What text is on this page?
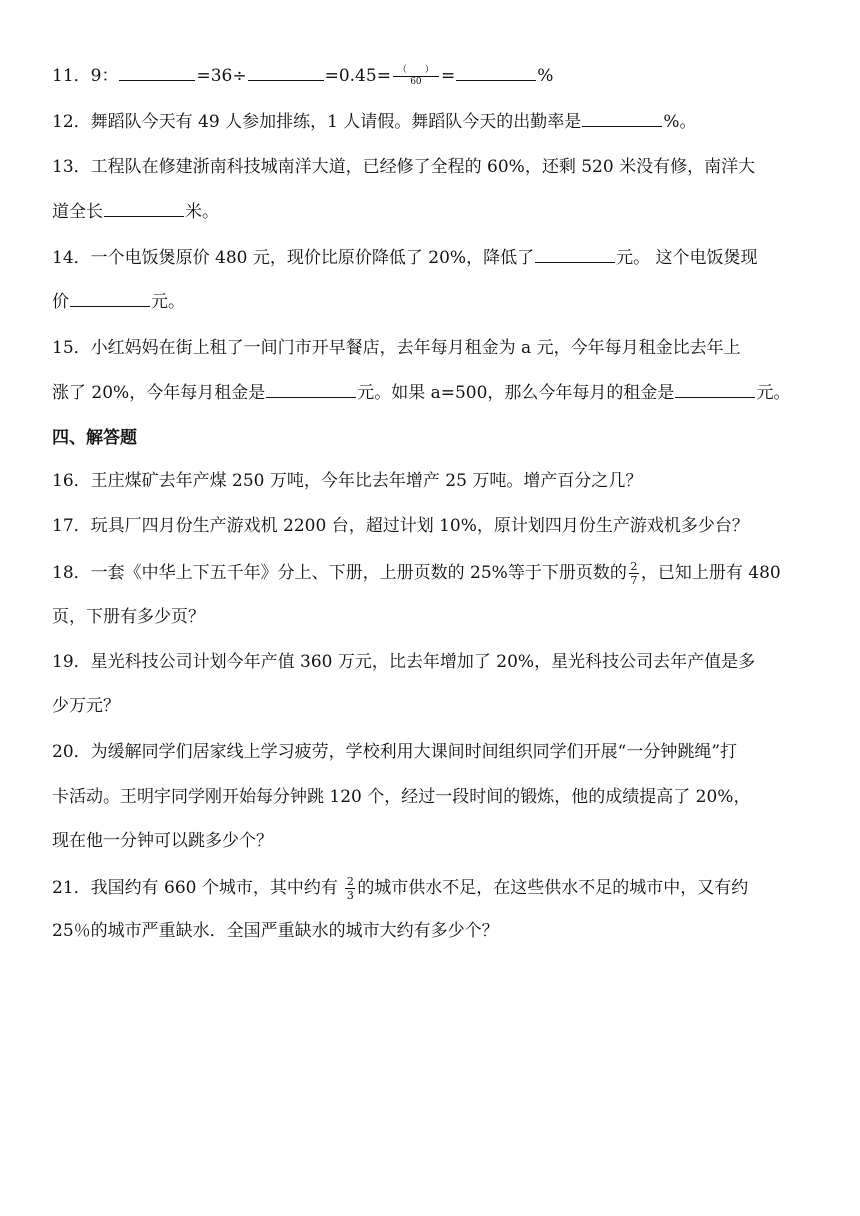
11．9：	=36÷	$=0.45= \frac{( )}{60}$ =	%
12．舞蹈队今天有 49 人参加排练，1 人请假。舞蹈队今天的出勤率是	%。
13．工程队在修建浙南科技城南洋大道，已经修了全程的 60%，还剩 520 米没有修，南洋大
道全长	米。
14．一个电饭煲原价 480 元，现价比原价降低了 20%，降低了	元。 这个电饭煲现
价	元。
15．小红妈妈在街上租了一间门市开早餐店，去年每月租金为 a 元，今年每月租金比去年上
涨了 20%，今年每月租金是	元。如果 a=500，那么今年每月的租金是	元。
四、解答题
16．王庄煤矿去年产煤 250 万吨，今年比去年增产 25 万吨。增产百分之几？
17．玩具厂四月份生产游戏机 2200 台，超过计划 10%，原计划四月份生产游戏机多少台？
18．一套《中华上下五千年》分上、下册，上册页数的 25%等于下册页数的 $\frac{2}{7}$ ，已知上册有 480
页，下册有多少页？
19．星光科技公司计划今年产值 360 万元，比去年增加了 20%，星光科技公司去年产值是多
少万元？
20．为缓解同学们居家线上学习疲劳，学校利用大课间时间组织同学们开展“一分钟跳绳”打
卡活动。王明宇同学刚开始每分钟跳 120 个，经过一段时间的锻炼，他的成绩提高了 20%，
现在他一分钟可以跳多少个？
21．我国约有 660 个城市，其中约有 $\frac{2}{3}$ 的城市供水不足，在这些供水不足的城市中，又有约
25％的城市严重缺水．全国严重缺水的城市大约有多少个？
